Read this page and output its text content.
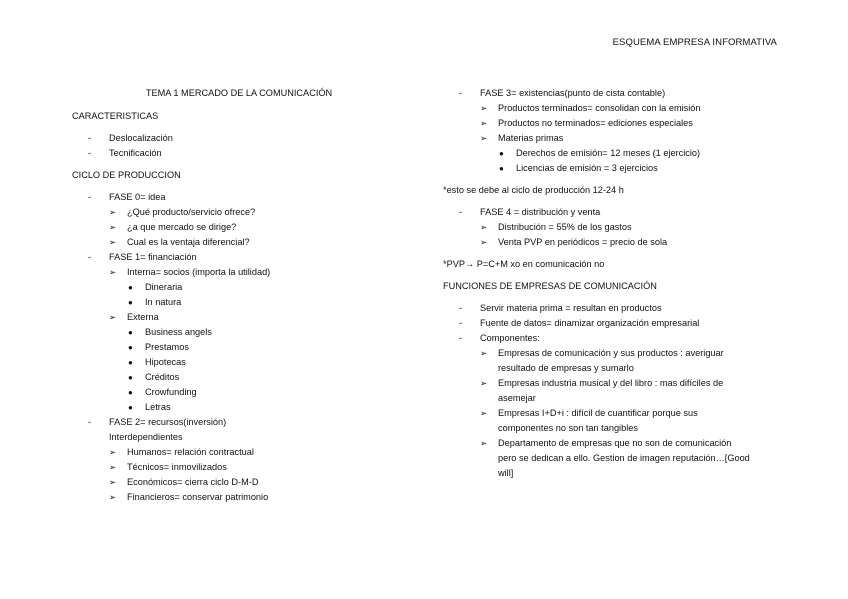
ESQUEMA EMPRESA INFORMATIVA
TEMA 1 MERCADO DE LA COMUNICACIÓN
CARACTERISTICAS
- Deslocalización
- Tecnificación
CICLO DE PRODUCCION
- FASE 0= idea
➢ ¿Qué producto/servicio ofrece?
➢ ¿a que mercado se dirige?
➢ Cual es la ventaja diferencial?
- FASE 1= financiación
➢ Interna= socios (importa la utilidad)
● Dineraria
● In natura
➢ Externa
● Business angels
● Prestamos
● Hipotecas
● Créditos
● Crowfunding
● Letras
- FASE 2= recursos(inversión)
Interdependientes
➢ Humanos= relación contractual
➢ Técnicos= inmovilizados
➢ Económicos= cierra ciclo D-M-D
➢ Financieros= conservar patrimonio
- FASE 3= existencias(punto de cista contable)
➢ Productos terminados= consolidan con la emisión
➢ Productos no terminados= ediciones especiales
➢ Materias primas
● Derechos de emisión= 12 meses (1 ejercicio)
● Licencias de emisión = 3 ejercicios
*esto se debe al ciclo de producción 12-24 h
- FASE 4 = distribución y venta
➢ Distribución = 55% de los gastos
➢ Venta PVP en periódicos = precio de sola
*PVP→ P=C+M xo en comunicación no
FUNCIONES DE EMPRESAS DE COMUNICACIÓN
- Servir materia prima = resultan en productos
- Fuente de datos= dinamizar organización empresarial
- Componentes:
➢ Empresas de comunicación y sus productos : averiguar
resultado de empresas y sumarlo
➢ Empresas industria musical y del libro : mas difíciles de
asemejar
➢ Empresas I+D+i : difícil de cuantificar porque sus
componentes no son tan tangibles
➢ Departamento de empresas que no son de comunicación
pero se dedican a ello. Gestion de imagen reputación…[Good
will]
